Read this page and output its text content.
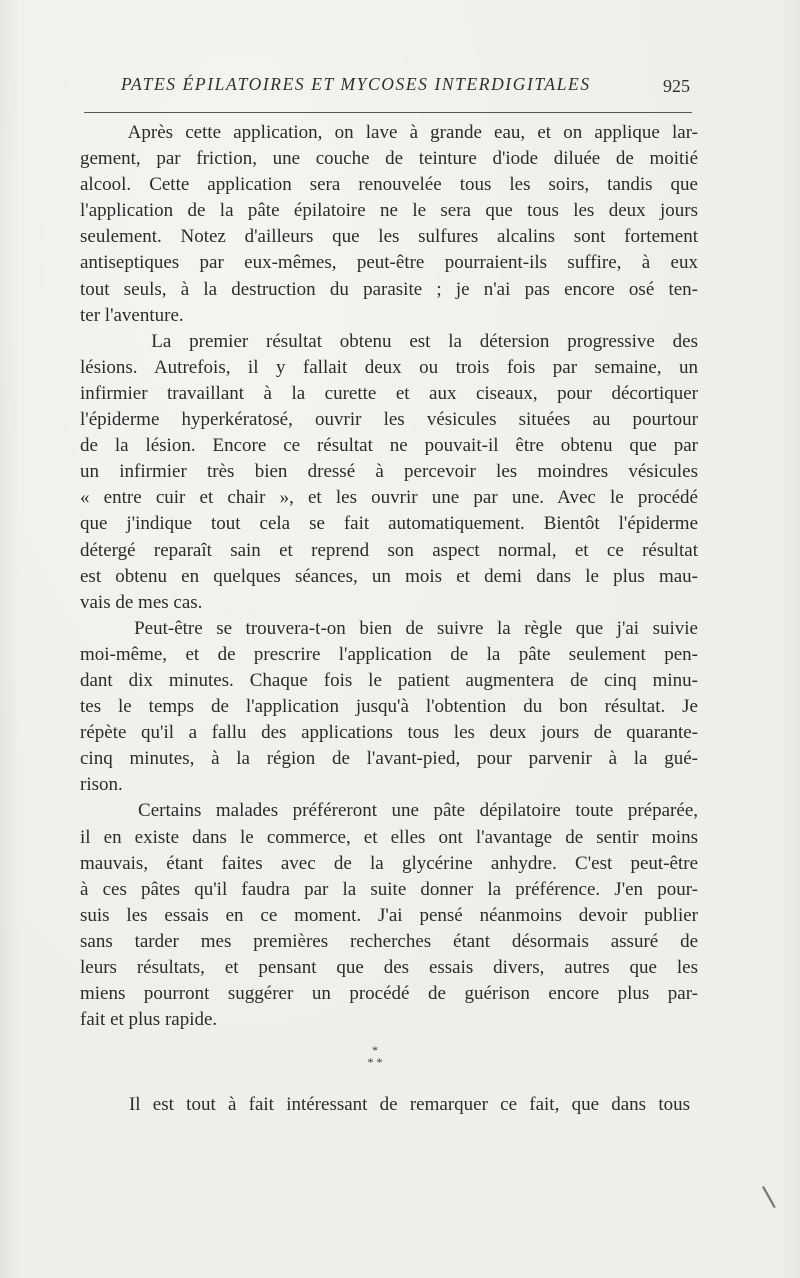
PATES ÉPILATOIRES ET MYCOSES INTERDIGITALES	925

Après cette application, on lave à grande eau, et on applique lar-
gement, par friction, une couche de teinture d'iode diluée de moitié
alcool. Cette application sera renouvelée tous les soirs, tandis que
l'application de la pâte épilatoire ne le sera que tous les deux jours
seulement. Notez d'ailleurs que les sulfures alcalins sont fortement
antiseptiques par eux-mêmes, peut-être pourraient-ils suffire, à eux
tout seuls, à la destruction du parasite ; je n'ai pas encore osé ten-
ter l'aventure.

La premier résultat obtenu est la détersion progressive des
lésions. Autrefois, il y fallait deux ou trois fois par semaine, un
infirmier travaillant à la curette et aux ciseaux, pour décortiquer
l'épiderme hyperkératosé, ouvrir les vésicules situées au pourtour
de la lésion. Encore ce résultat ne pouvait-il être obtenu que par
un infirmier très bien dressé à percevoir les moindres vésicules
« entre cuir et chair », et les ouvrir une par une. Avec le procédé
que j'indique tout cela se fait automatiquement. Bientôt l'épiderme
détergé reparaît sain et reprend son aspect normal, et ce résultat
est obtenu en quelques séances, un mois et demi dans le plus mau-
vais de mes cas.

Peut-être se trouvera-t-on bien de suivre la règle que j'ai suivie
moi-même, et de prescrire l'application de la pâte seulement pen-
dant dix minutes. Chaque fois le patient augmentera de cinq minu-
tes le temps de l'application jusqu'à l'obtention du bon résultat. Je
répète qu'il a fallu des applications tous les deux jours de quarante-
cinq minutes, à la région de l'avant-pied, pour parvenir à la gué-
rison.

Certains malades préféreront une pâte dépilatoire toute préparée,
il en existe dans le commerce, et elles ont l'avantage de sentir moins
mauvais, étant faites avec de la glycérine anhydre. C'est peut-être
à ces pâtes qu'il faudra par la suite donner la préférence. J'en pour-
suis les essais en ce moment. J'ai pensé néanmoins devoir publier
sans tarder mes premières recherches étant désormais assuré de
leurs résultats, et pensant que des essais divers, autres que les
miens pourront suggérer un procédé de guérison encore plus par-
fait et plus rapide.

*
* *
Il est tout à fait intéressant de remarquer ce fait, que dans tous
\
